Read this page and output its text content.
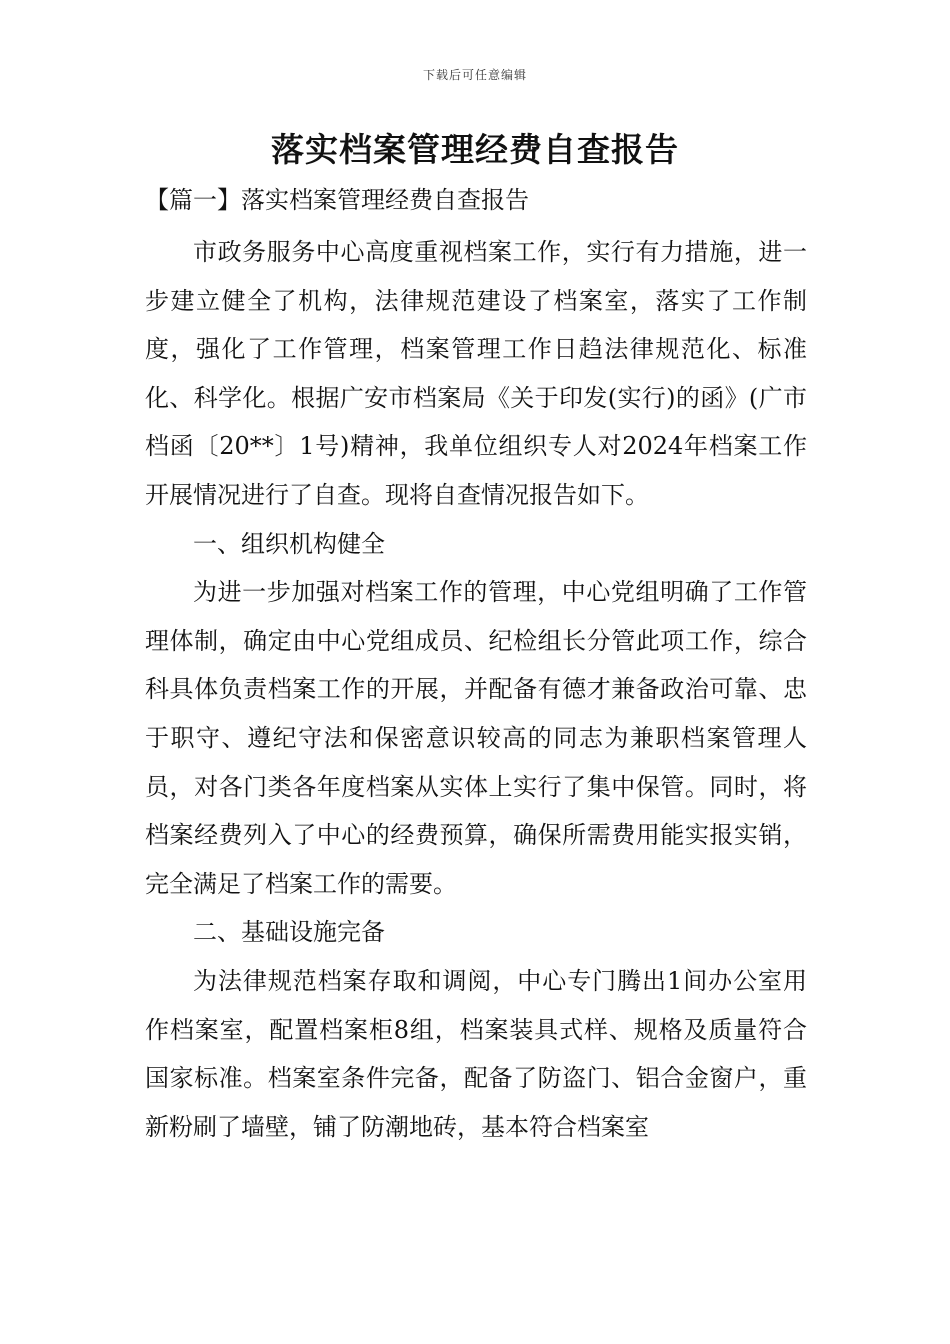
下载后可任意编辑
落实档案管理经费自查报告

【篇一】落实档案管理经费自查报告

市政务服务中心高度重视档案工作，实行有力措施，进一步建立健全了机构，法律规范建设了档案室，落实了工作制度，强化了工作管理，档案管理工作日趋法律规范化、标准化、科学化。根据广安市档案局《关于印发(实行)的函》(广市档函〔20**〕1号)精神，我单位组织专人对2024年档案工作开展情况进行了自查。现将自查情况报告如下。

一、组织机构健全

为进一步加强对档案工作的管理，中心党组明确了工作管理体制，确定由中心党组成员、纪检组长分管此项工作，综合科具体负责档案工作的开展，并配备有德才兼备政治可靠、忠于职守、遵纪守法和保密意识较高的同志为兼职档案管理人员，对各门类各年度档案从实体上实行了集中保管。同时，将档案经费列入了中心的经费预算，确保所需费用能实报实销，完全满足了档案工作的需要。

二、基础设施完备

为法律规范档案存取和调阅，中心专门腾出1间办公室用作档案室，配置档案柜8组，档案装具式样、规格及质量符合国家标准。档案室条件完备，配备了防盗门、铝合金窗户，重新粉刷了墙壁，铺了防潮地砖，基本符合档案室
